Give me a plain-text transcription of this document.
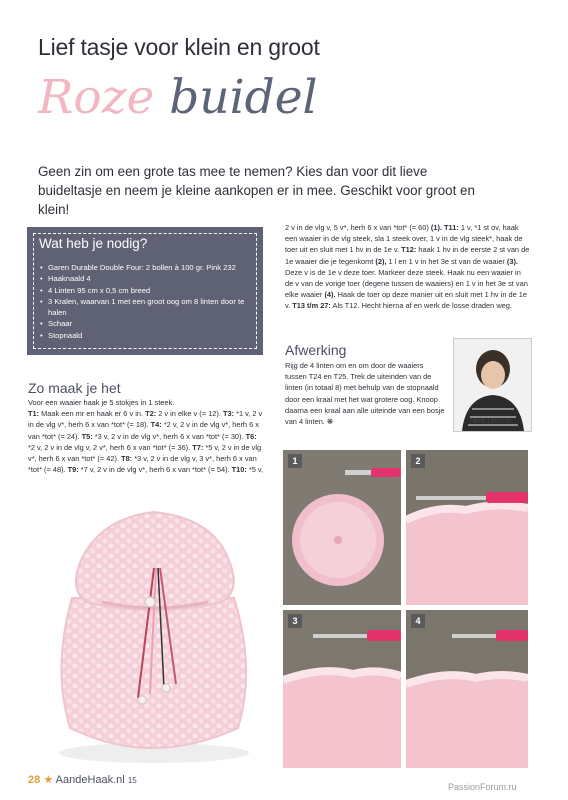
Lief tasje voor klein en groot
Roze buidel
Geen zin om een grote tas mee te nemen? Kies dan voor dit lieve buideltasje en neem je kleine aankopen er in mee. Geschikt voor groot en klein!
Wat heb je nodig?
• Garen Durable Double Four: 2 bollen à 100 gr. Pink 232
• Haaknaald 4
• 4 Linten 95 cm x 0,5 cm breed
• 3 Kralen, waarvan 1 met een groot oog om 8 linten door te halen
• Schaar
• Stopnaald
Zo maak je het
Voor een waaier haak je 5 stokjes in 1 steek.
T1: Maak een mr en haak er 6 v in. T2: 2 v in elke v (= 12). T3: *1 v, 2 v in de vlg v*, herh 6 x van *tot* (= 18). T4: *2 v, 2 v in de vlg v*, herh 6 x van *tot* (= 24). T5: *3 v, 2 v in de vlg v*, herh 6 x van *tot* (= 30). T6: *2 v, 2 v in de vlg v, 2 v*, herh 6 x van *tot* (= 36). T7: *5 v, 2 v in de vlg v*, herh 6 x van *tot* (= 42). T8: *3 v, 2 v in de vlg v, 3 v*, herh 6 x van *tot* (= 48). T9: *7 v, 2 v in de vlg v*, herh 6 x van *tot* (= 54). T10: *5 v,
2 v in de vlg v, 5 v*, herh 6 x van *tot* (= 60) (1). T11: 1 v, *1 st ov, haak een waaier in de vlg steek, sla 1 steek over, 1 v in de vlg steek*, haak de toer uit en sluit met 1 hv in de 1e v. T12: haak 1 hv in de eerste 2 st van de 1e waaier die je tegenkomt (2), 1 l en 1 v in het 3e st van de waaier (3). Deze v is de 1e v deze toer. Markeer deze steek. Haak nu een waaier in de v van de vorige toer (degene tussen de waaiers) en 1 v in het 3e st van elke waaier (4). Haak de toer op deze manier uit en sluit met 1 hv in de 1e v. T13 t/m 27: Als T12. Hecht hierna af en werk de losse draden weg.
Afwerking
Rijg de 4 linten om en om door de waaiers tussen T24 en T25. Trek de uiteinden van de linten (in totaal 8) met behulp van de stopnaald door een kraal met het wat grotere oog. Knoop daarna een kraal aan alle uiteinde van een bosje van 4 linten. ❋	Hera Lecluse
1	2
3	4
28 ★ AandeHaak.nl 15
PassionForum.ru
